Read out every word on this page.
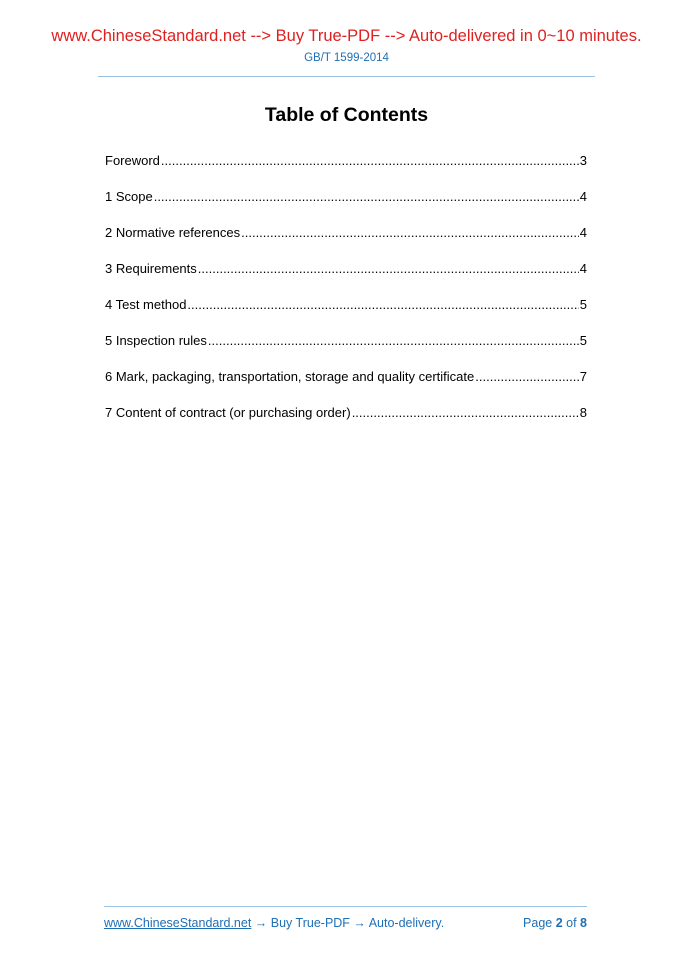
www.ChineseStandard.net --> Buy True-PDF --> Auto-delivered in 0~10 minutes.
GB/T 1599-2014
Table of Contents
Foreword .....	3
1 Scope .....	4
2 Normative references .....	4
3 Requirements .....	4
4 Test method .....	5
5 Inspection rules .....	5
6 Mark, packaging, transportation, storage and quality certificate .....	7
7 Content of contract (or purchasing order) .....	8
www.ChineseStandard.net → Buy True-PDF → Auto-delivery.	Page 2 of 8
